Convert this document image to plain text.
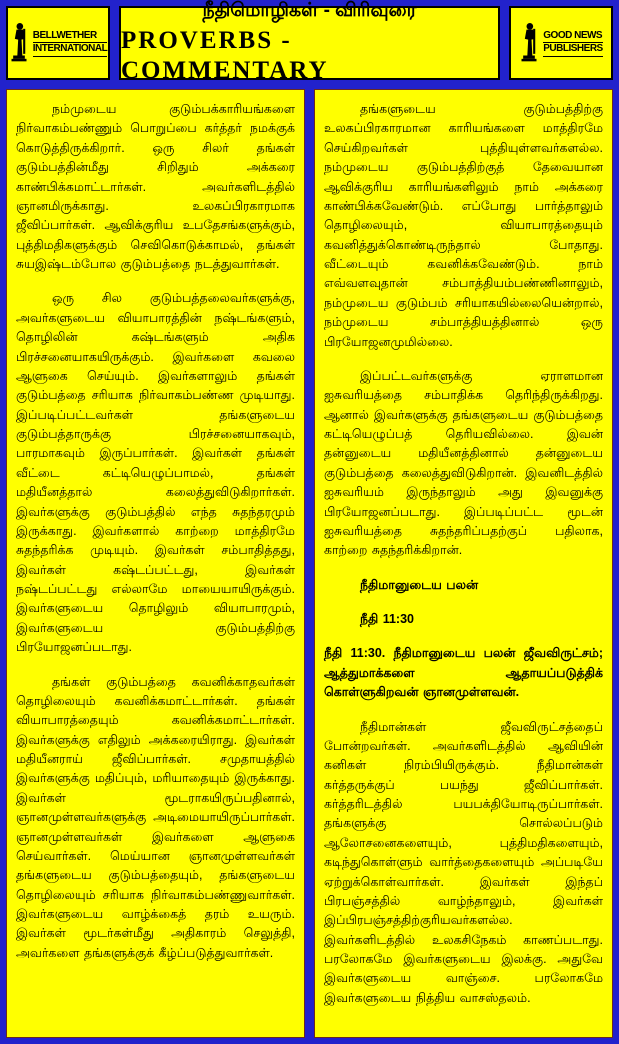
BELLWETHER
INTERNATIONAL
நீதிமொழிகள் - விரிவுரை
PROVERBS - COMMENTARY
GOOD NEWS
PUBLISHERS

நம்முடைய குடும்பக்காரியங்களை நிர்வாகம்பண்ணும் பொறுப்பை கர்த்தர் நமக்குக் கொடுத்திருக்கிறார். ஒரு சிலர் தங்கள் குடும்பத்தின்மீது சிறிதும் அக்கரை காண்பிக்கமாட்டார்கள். அவர்களிடத்தில் ஞானமிருக்காது. உலகப்பிரகாரமாக ஜீவிப்பார்கள். ஆவிக்குரிய உபதேசங்களுக்கும், புத்திமதிகளுக்கும் செவிகொடுக்காமல், தங்கள் சுயஇஷ்டம்போல குடும்பத்தை நடத்துவார்கள்.

ஒரு சில குடும்பத்தலைவர்களுக்கு, அவர்களுடைய வியாபாரத்தின் நஷ்டங்களும், தொழிலின் கஷ்டங்களும் அதிக பிரச்சனையாகயிருக்கும். இவர்களை கவலை ஆளுகை செய்யும். இவர்களாலும் தங்கள் குடும்பத்தை சரியாக நிர்வாகம்பண்ண முடியாது. இப்படிப்பட்டவர்கள் தங்களுடைய குடும்பத்தாருக்கு பிரச்சனையாகவும், பாரமாகவும் இருப்பார்கள். இவர்கள் தங்கள் வீட்டை கட்டியெழுப்பாமல், தங்கள் மதியீனத்தால் கலைத்துவிடுகிறார்கள். இவர்களுக்கு குடும்பத்தில் எந்த சுதந்தரமும் இருக்காது. இவர்களால் காற்றை மாத்திரமே சுதந்தரிக்க முடியும். இவர்கள் சம்பாதித்தது, இவர்கள் கஷ்டப்பட்டது, இவர்கள் நஷ்டப்பட்டது எல்லாமே மாயையாயிருக்கும். இவர்களுடைய தொழிலும் வியாபாரமும், இவர்களுடைய குடும்பத்திற்கு பிரயோஜனப்படாது.

தங்கள் குடும்பத்தை கவனிக்காதவர்கள் தொழிலையும் கவனிக்கமாட்டார்கள். தங்கள் வியாபாரத்தையும் கவனிக்கமாட்டார்கள். இவர்களுக்கு எதிலும் அக்கரையிராது. இவர்கள் மதியீனராய் ஜீவிப்பார்கள். சமுதாயத்தில் இவர்களுக்கு மதிப்பும், மரியாதையும் இருக்காது. இவர்கள் மூடராகயிருப்பதினால், ஞானமுள்ளவர்களுக்கு அடிமையாயிருப்பார்கள். ஞானமுள்ளவர்கள் இவர்களை ஆளுகை செய்வார்கள். மெய்யான ஞானமுள்ளவர்கள் தங்களுடைய குடும்பத்தையும், தங்களுடைய தொழிலையும் சரியாக நிர்வாகம்பண்ணுவார்கள். இவர்களுடைய வாழ்க்கைத் தரம் உயரும். இவர்கள் மூடர்கள்மீது அதிகாரம் செலுத்தி, அவர்களை தங்களுக்குக் கீழ்ப்படுத்துவார்கள்.

தங்களுடைய குடும்பத்திற்கு உலகப்பிரகாரமான காரியங்களை மாத்திரமே செய்கிறவர்கள் புத்தியுள்ளவர்களல்ல. நம்முடைய குடும்பத்திற்குத் தேவையான ஆவிக்குரிய காரியங்களிலும் நாம் அக்கரை காண்பிக்கவேண்டும். எப்போது பார்த்தாலும் தொழிலையும், வியாபாரத்தையும் கவனித்துக்கொண்டிருந்தால் போதாது. வீட்டையும் கவனிக்கவேண்டும். நாம் எவ்வளவுதான் சம்பாத்தியம்பண்ணினாலும், நம்முடைய குடும்பம் சரியாகயில்லையென்றால், நம்முடைய சம்பாத்தியத்தினால் ஒரு பிரயோஜனமுமில்லை.

இப்பட்டவர்களுக்கு ஏராளமான ஐசுவரியத்தை சம்பாதிக்க தெரிந்திருக்கிறது. ஆனால் இவர்களுக்கு தங்களுடைய குடும்பத்தை கட்டியெழுப்பத் தெரியவில்லை. இவன் தன்னுடைய மதியீனத்தினால் தன்னுடைய குடும்பத்தை கலைத்துவிடுகிறான். இவனிடத்தில் ஐசுவரியம் இருந்தாலும் அது இவனுக்கு பிரயோஜனப்படாது. இப்படிப்பட்ட மூடன் ஐசுவரியத்தை சுதந்தரிப்பதற்குப் பதிலாக, காற்றை சுதந்தரிக்கிறான்.

நீதிமானுடைய பலன்

நீதி 11:30

நீதி 11:30. நீதிமானுடைய பலன் ஜீவவிருட்சம்; ஆத்துமாக்களை ஆதாயப்படுத்திக் கொள்ளுகிறவன் ஞானமுள்ளவன்.

நீதிமான்கள் ஜீவவிருட்சத்தைப் போன்றவர்கள். அவர்களிடத்தில் ஆவியின் கனிகள் நிரம்பியிருக்கும். நீதிமான்கள் கர்த்தருக்குப் பயந்து ஜீவிப்பார்கள். கர்த்தரிடத்தில் பயபக்தியோடிருப்பார்கள். தங்களுக்கு சொல்லப்படும் ஆலோசனைகளையும், புத்திமதிகளையும், கடிந்துகொள்ளும் வார்த்தைகளையும் அப்படியே ஏற்றுக்கொள்வார்கள். இவர்கள் இந்தப் பிரபஞ்சத்தில் வாழ்ந்தாலும், இவர்கள் இப்பிரபஞ்சத்திற்குரியவர்களல்ல. இவர்களிடத்தில் உலகசிநேகம் காணப்படாது. பரலோகமே இவர்களுடைய இலக்கு. அதுவே இவர்களுடைய வாஞ்சை. பரலோகமே இவர்களுடைய நித்திய வாசஸ்தலம்.
